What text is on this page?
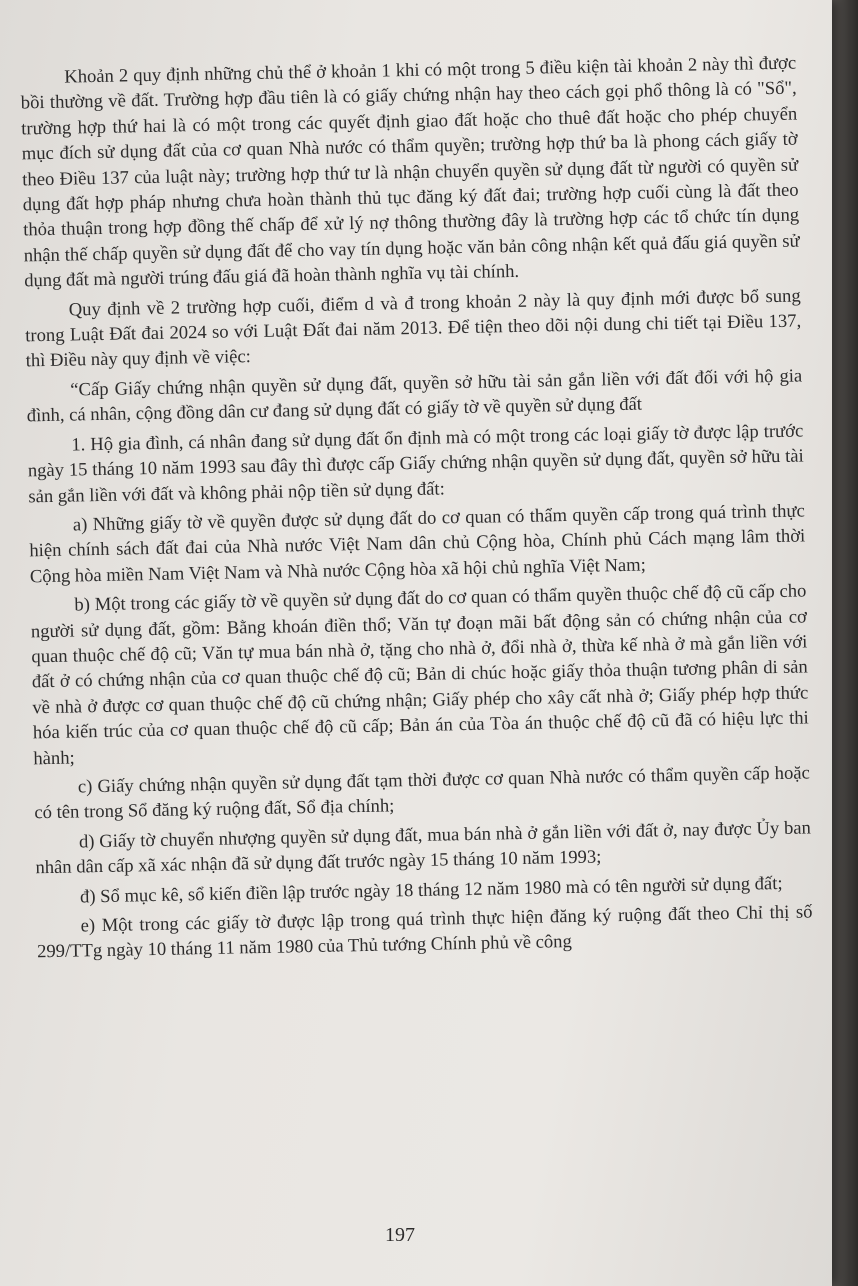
Khoản 2 quy định những chủ thể ở khoản 1 khi có một trong 5 điều kiện tài khoản 2 này thì được bồi thường về đất. Trường hợp đầu tiên là có giấy chứng nhận hay theo cách gọi phổ thông là có "Sổ", trường hợp thứ hai là có một trong các quyết định giao đất hoặc cho thuê đất hoặc cho phép chuyển mục đích sử dụng đất của cơ quan Nhà nước có thẩm quyền; trường hợp thứ ba là phong cách giấy tờ theo Điều 137 của luật này; trường hợp thứ tư là nhận chuyển quyền sử dụng đất từ người có quyền sử dụng đất hợp pháp nhưng chưa hoàn thành thủ tục đăng ký đất đai; trường hợp cuối cùng là đất theo thỏa thuận trong hợp đồng thế chấp để xử lý nợ thông thường đây là trường hợp các tổ chức tín dụng nhận thế chấp quyền sử dụng đất để cho vay tín dụng hoặc văn bản công nhận kết quả đấu giá quyền sử dụng đất mà người trúng đấu giá đã hoàn thành nghĩa vụ tài chính.

Quy định về 2 trường hợp cuối, điểm d và đ trong khoản 2 này là quy định mới được bổ sung trong Luật Đất đai 2024 so với Luật Đất đai năm 2013. Để tiện theo dõi nội dung chi tiết tại Điều 137, thì Điều này quy định về việc:

“Cấp Giấy chứng nhận quyền sử dụng đất, quyền sở hữu tài sản gắn liền với đất đối với hộ gia đình, cá nhân, cộng đồng dân cư đang sử dụng đất có giấy tờ về quyền sử dụng đất

1. Hộ gia đình, cá nhân đang sử dụng đất ổn định mà có một trong các loại giấy tờ được lập trước ngày 15 tháng 10 năm 1993 sau đây thì được cấp Giấy chứng nhận quyền sử dụng đất, quyền sở hữu tài sản gắn liền với đất và không phải nộp tiền sử dụng đất:

a) Những giấy tờ về quyền được sử dụng đất do cơ quan có thẩm quyền cấp trong quá trình thực hiện chính sách đất đai của Nhà nước Việt Nam dân chủ Cộng hòa, Chính phủ Cách mạng lâm thời Cộng hòa miền Nam Việt Nam và Nhà nước Cộng hòa xã hội chủ nghĩa Việt Nam;

b) Một trong các giấy tờ về quyền sử dụng đất do cơ quan có thẩm quyền thuộc chế độ cũ cấp cho người sử dụng đất, gồm: Bằng khoán điền thổ; Văn tự đoạn mãi bất động sản có chứng nhận của cơ quan thuộc chế độ cũ; Văn tự mua bán nhà ở, tặng cho nhà ở, đổi nhà ở, thừa kế nhà ở mà gắn liền với đất ở có chứng nhận của cơ quan thuộc chế độ cũ; Bản di chúc hoặc giấy thỏa thuận tương phân di sản về nhà ở được cơ quan thuộc chế độ cũ chứng nhận; Giấy phép cho xây cất nhà ở; Giấy phép hợp thức hóa kiến trúc của cơ quan thuộc chế độ cũ cấp; Bản án của Tòa án thuộc chế độ cũ đã có hiệu lực thi hành;

c) Giấy chứng nhận quyền sử dụng đất tạm thời được cơ quan Nhà nước có thẩm quyền cấp hoặc có tên trong Sổ đăng ký ruộng đất, Sổ địa chính;

d) Giấy tờ chuyển nhượng quyền sử dụng đất, mua bán nhà ở gắn liền với đất ở, nay được Ủy ban nhân dân cấp xã xác nhận đã sử dụng đất trước ngày 15 tháng 10 năm 1993;

đ) Sổ mục kê, sổ kiến điền lập trước ngày 18 tháng 12 năm 1980 mà có tên người sử dụng đất;

e) Một trong các giấy tờ được lập trong quá trình thực hiện đăng ký ruộng đất theo Chỉ thị số 299/TTg ngày 10 tháng 11 năm 1980 của Thủ tướng Chính phủ về công

197
